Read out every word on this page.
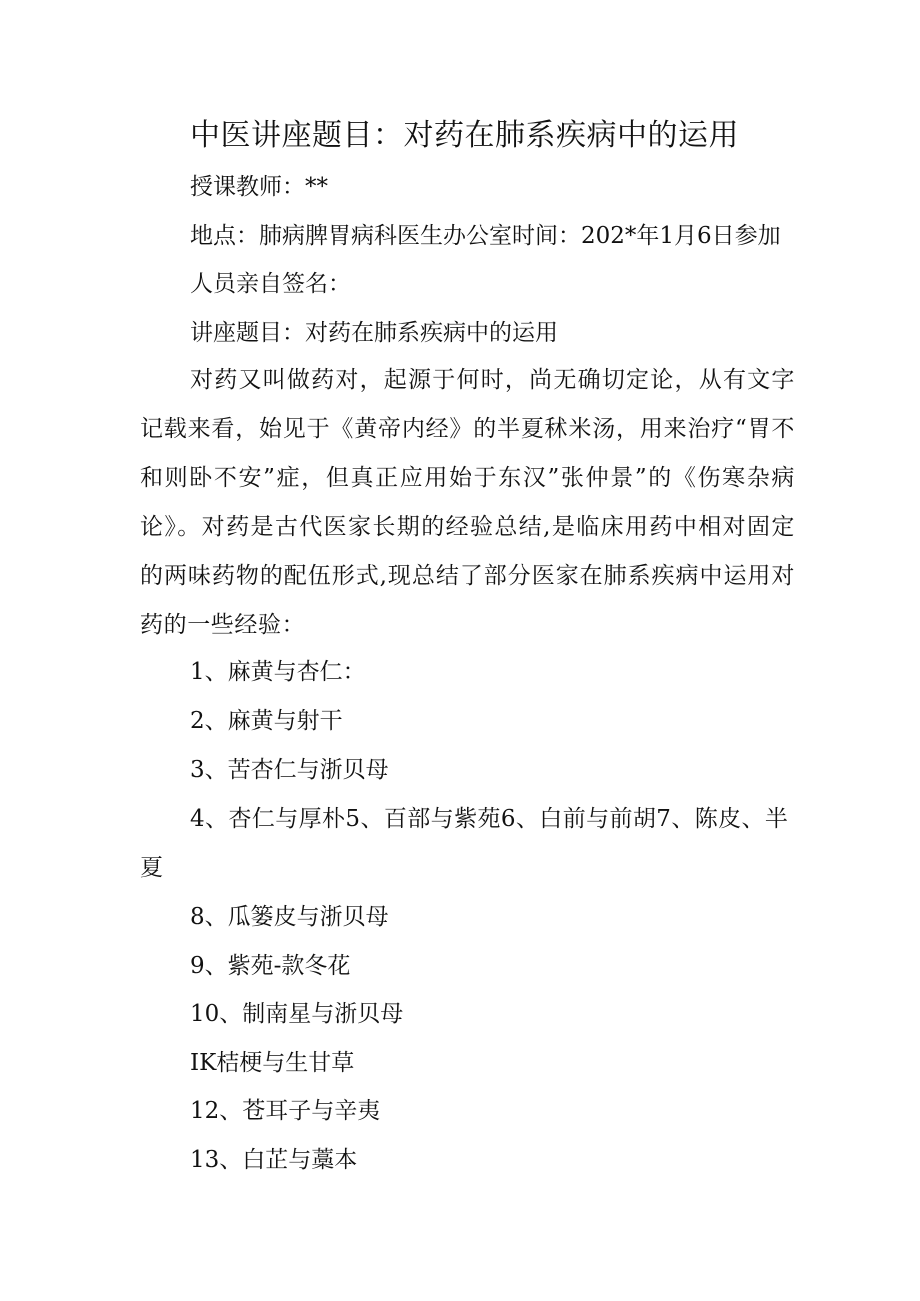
中医讲座题目：对药在肺系疾病中的运用
授课教师：**
地点：肺病脾胃病科医生办公室时间：202*年1月6日参加
人员亲自签名：
讲座题目：对药在肺系疾病中的运用
对药又叫做药对，起源于何时，尚无确切定论，从有文字记载来看，始见于《黄帝内经》的半夏秫米汤，用来治疗“胃不和则卧不安”症，但真正应用始于东汉”张仲景”的《伤寒杂病论》。对药是古代医家长期的经验总结,是临床用药中相对固定的两味药物的配伍形式,现总结了部分医家在肺系疾病中运用对药的一些经验：
1、麻黄与杏仁：
2、麻黄与射干
3、苦杏仁与浙贝母
4、杏仁与厚朴5、百部与紫苑6、白前与前胡7、陈皮、半夏
8、瓜篓皮与浙贝母
9、紫苑-款冬花
10、制南星与浙贝母
IK桔梗与生甘草
12、苍耳子与辛夷
13、白芷与藁本
